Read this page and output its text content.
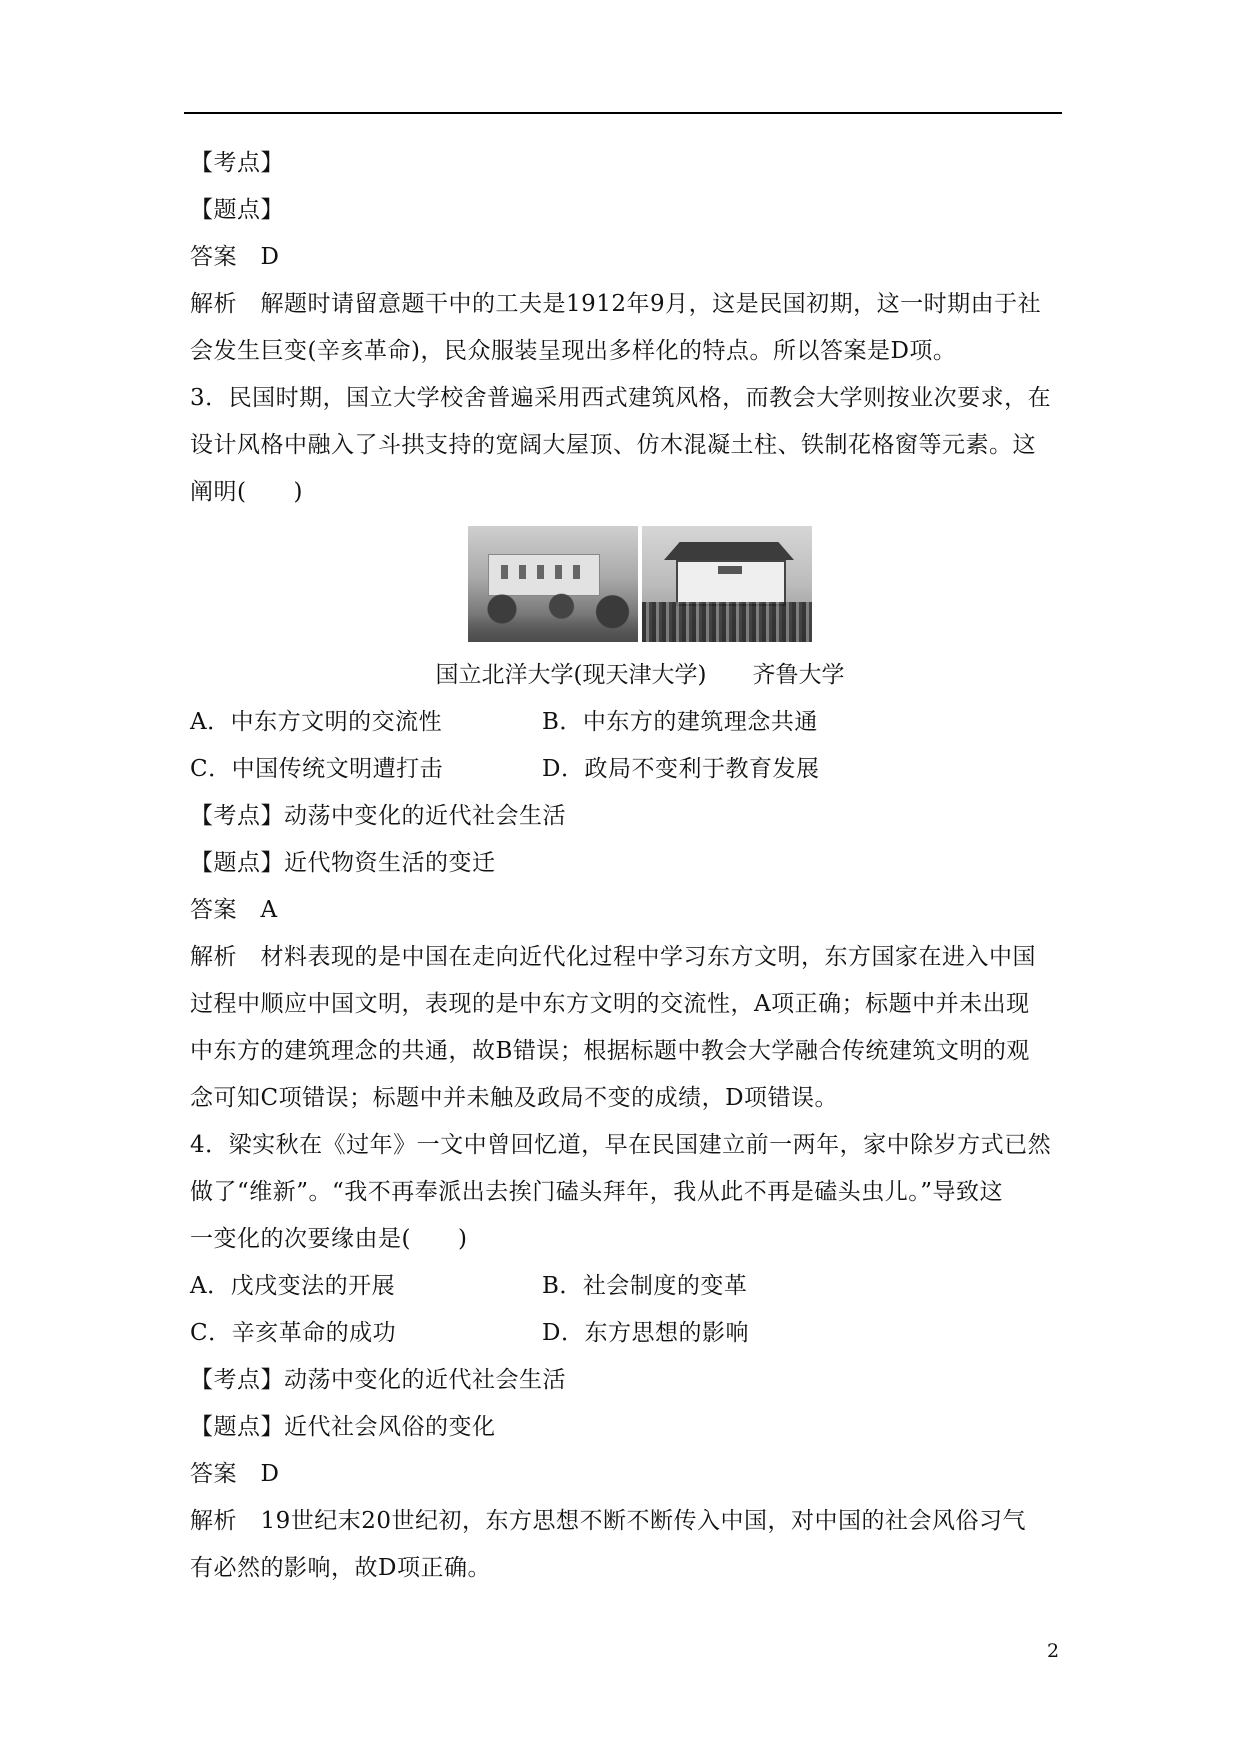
【考点】
【题点】
答案　D
解析　解题时请留意题干中的工夫是1912年9月，这是民国初期，这一时期由于社
会发生巨变(辛亥革命)，民众服装呈现出多样化的特点。所以答案是D项。
3．民国时期，国立大学校舍普遍采用西式建筑风格，而教会大学则按业次要求，在
设计风格中融入了斗拱支持的宽阔大屋顶、仿木混凝土柱、铁制花格窗等元素。这
阐明(　　)
国立北洋大学(现天津大学) 齐鲁大学
A．中东方文明的交流性	B．中东方的建筑理念共通
C．中国传统文明遭打击	D．政局不变利于教育发展
【考点】动荡中变化的近代社会生活
【题点】近代物资生活的变迁
答案　A
解析　材料表现的是中国在走向近代化过程中学习东方文明，东方国家在进入中国
过程中顺应中国文明，表现的是中东方文明的交流性，A项正确；标题中并未出现
中东方的建筑理念的共通，故B错误；根据标题中教会大学融合传统建筑文明的观
念可知C项错误；标题中并未触及政局不变的成绩，D项错误。
4．梁实秋在《过年》一文中曾回忆道，早在民国建立前一两年，家中除岁方式已然
做了“维新”。“我不再奉派出去挨门磕头拜年，我从此不再是磕头虫儿。”导致这
一变化的次要缘由是(　　)
A．戊戌变法的开展	B．社会制度的变革
C．辛亥革命的成功	D．东方思想的影响
【考点】动荡中变化的近代社会生活
【题点】近代社会风俗的变化
答案　D
解析　19世纪末20世纪初，东方思想不断不断传入中国，对中国的社会风俗习气
有必然的影响，故D项正确。
2
